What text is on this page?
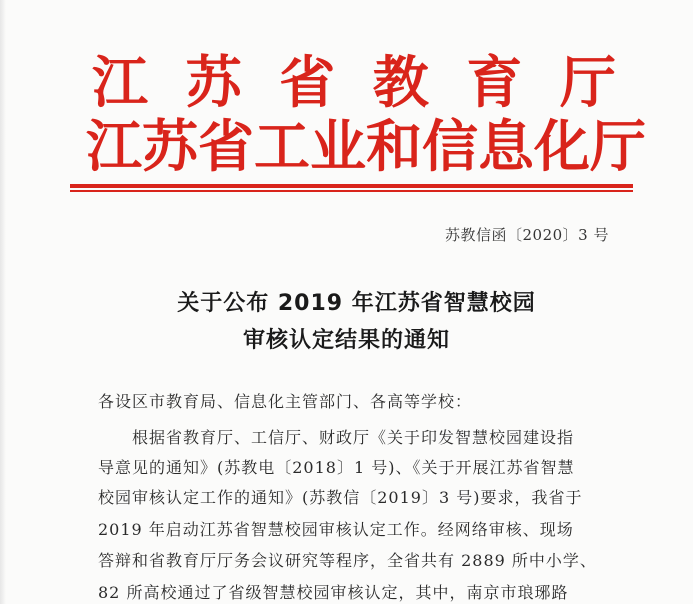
江 苏 省 教 育 厅
江苏省工业和信息化厅
苏教信函〔2020〕3 号
关于公布 2019 年江苏省智慧校园
审核认定结果的通知
各设区市教育局、信息化主管部门、各高等学校：
　　根据省教育厅、工信厅、财政厅《关于印发智慧校园建设指
导意见的通知》(苏教电〔2018〕1 号)、《关于开展江苏省智慧
校园审核认定工作的通知》(苏教信〔2019〕3 号)要求，我省于
2019 年启动江苏省智慧校园审核认定工作。经网络审核、现场
答辩和省教育厅厅务会议研究等程序，全省共有 2889 所中小学、
82 所高校通过了省级智慧校园审核认定，其中，南京市琅琊路
